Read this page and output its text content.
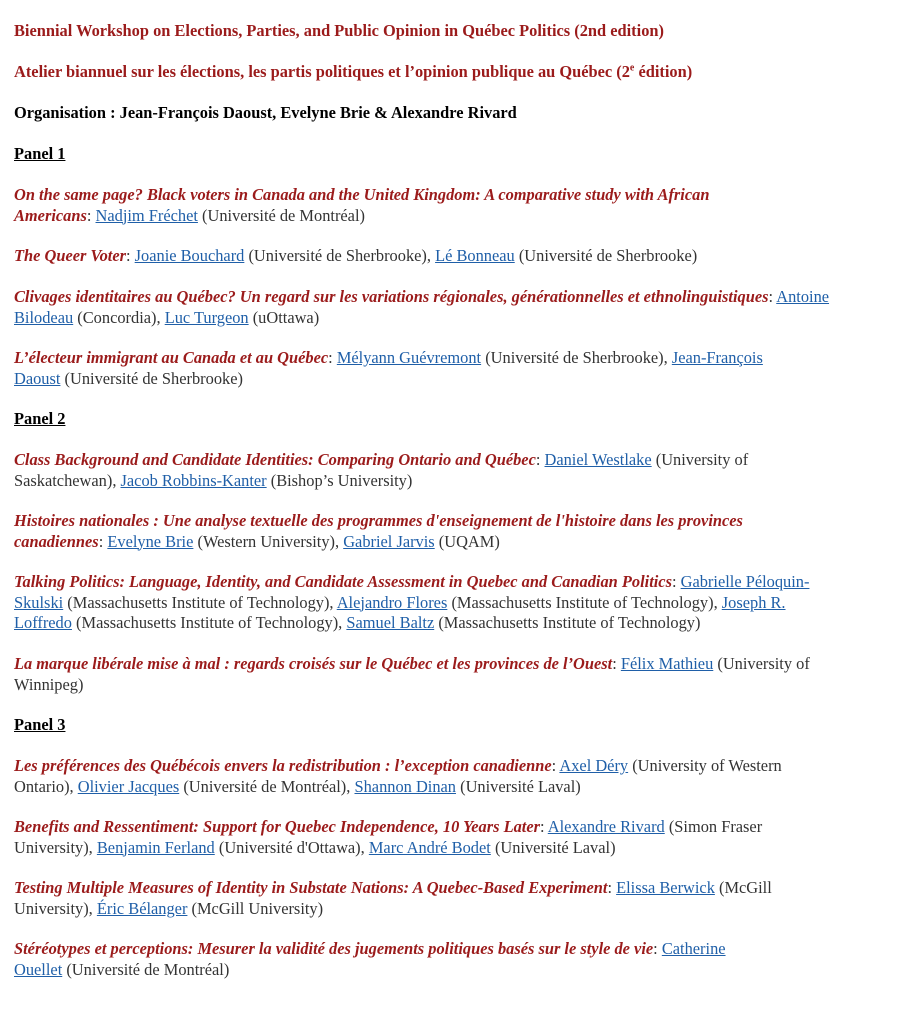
Biennial Workshop on Elections, Parties, and Public Opinion in Québec Politics (2nd edition)

Atelier biannuel sur les élections, les partis politiques et l’opinion publique au Québec (2e édition)

Organisation : Jean-François Daoust, Evelyne Brie & Alexandre Rivard

Panel 1

On the same page? Black voters in Canada and the United Kingdom: A comparative study with African
Americans: Nadjim Fréchet (Université de Montréal)

The Queer Voter: Joanie Bouchard (Université de Sherbrooke), Lé Bonneau (Université de Sherbrooke)

Clivages identitaires au Québec? Un regard sur les variations régionales, générationnelles et ethnolinguistiques: Antoine
Bilodeau (Concordia), Luc Turgeon (uOttawa)

L’électeur immigrant au Canada et au Québec: Mélyann Guévremont (Université de Sherbrooke), Jean-François
Daoust (Université de Sherbrooke)

Panel 2

Class Background and Candidate Identities: Comparing Ontario and Québec: Daniel Westlake (University of
Saskatchewan), Jacob Robbins-Kanter (Bishop’s University)

Histoires nationales : Une analyse textuelle des programmes d'enseignement de l'histoire dans les provinces
canadiennes: Evelyne Brie (Western University), Gabriel Jarvis (UQAM)

Talking Politics: Language, Identity, and Candidate Assessment in Quebec and Canadian Politics: Gabrielle Péloquin-
Skulski (Massachusetts Institute of Technology), Alejandro Flores (Massachusetts Institute of Technology), Joseph R.
Loffredo (Massachusetts Institute of Technology), Samuel Baltz (Massachusetts Institute of Technology)

La marque libérale mise à mal : regards croisés sur le Québec et les provinces de l’Ouest: Félix Mathieu (University of
Winnipeg)

Panel 3

Les préférences des Québécois envers la redistribution : l’exception canadienne: Axel Déry (University of Western
Ontario), Olivier Jacques (Université de Montréal), Shannon Dinan (Université Laval)

Benefits and Ressentiment: Support for Quebec Independence, 10 Years Later: Alexandre Rivard (Simon Fraser
University), Benjamin Ferland (Université d'Ottawa), Marc André Bodet (Université Laval)

Testing Multiple Measures of Identity in Substate Nations: A Quebec-Based Experiment: Elissa Berwick (McGill
University), Éric Bélanger (McGill University)

Stéréotypes et perceptions: Mesurer la validité des jugements politiques basés sur le style de vie: Catherine
Ouellet (Université de Montréal)
